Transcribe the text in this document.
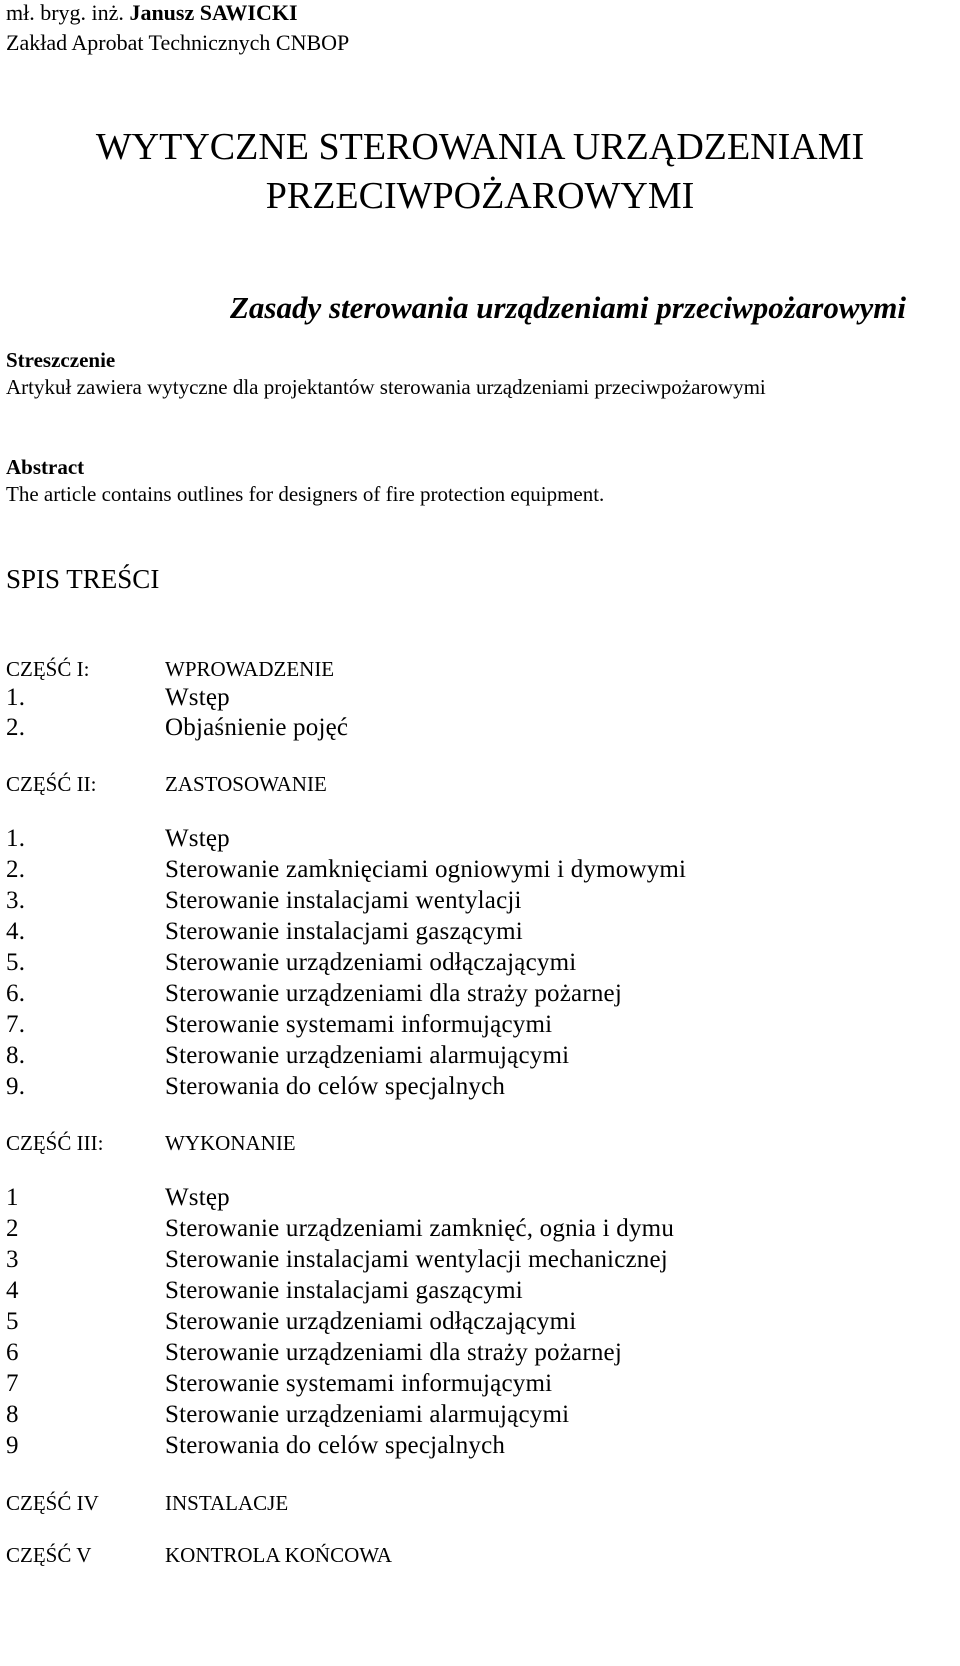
mł. bryg. inż. Janusz SAWICKI
Zakład Aprobat Technicznych CNBOP
WYTYCZNE STEROWANIA URZĄDZENIAMI
PRZECIWPOŻAROWYMI
Zasady sterowania urządzeniami przeciwpożarowymi
Streszczenie
Artykuł zawiera wytyczne dla projektantów sterowania urządzeniami przeciwpożarowymi
Abstract
The article contains outlines for designers of fire protection equipment.
SPIS TREŚCI
CZĘŚĆ I:	WPROWADZENIE
1.	Wstęp
2.	Objaśnienie pojęć
CZĘŚĆ II:	ZASTOSOWANIE
1.	Wstęp
2.	Sterowanie zamknięciami ogniowymi i dymowymi
3.	Sterowanie instalacjami wentylacji
4.	Sterowanie instalacjami gaszącymi
5.	Sterowanie urządzeniami odłączającymi
6.	Sterowanie urządzeniami dla straży pożarnej
7.	Sterowanie systemami informującymi
8.	Sterowanie urządzeniami alarmującymi
9.	Sterowania do celów specjalnych
CZĘŚĆ III:	WYKONANIE
1	Wstęp
2	Sterowanie urządzeniami zamknięć, ognia i dymu
3	Sterowanie instalacjami wentylacji mechanicznej
4	Sterowanie instalacjami gaszącymi
5	Sterowanie urządzeniami odłączającymi
6	Sterowanie urządzeniami dla straży pożarnej
7	Sterowanie systemami informującymi
8	Sterowanie urządzeniami alarmującymi
9	Sterowania do celów specjalnych
CZĘŚĆ IV	INSTALACJE
CZĘŚĆ V	KONTROLA KOŃCOWA
